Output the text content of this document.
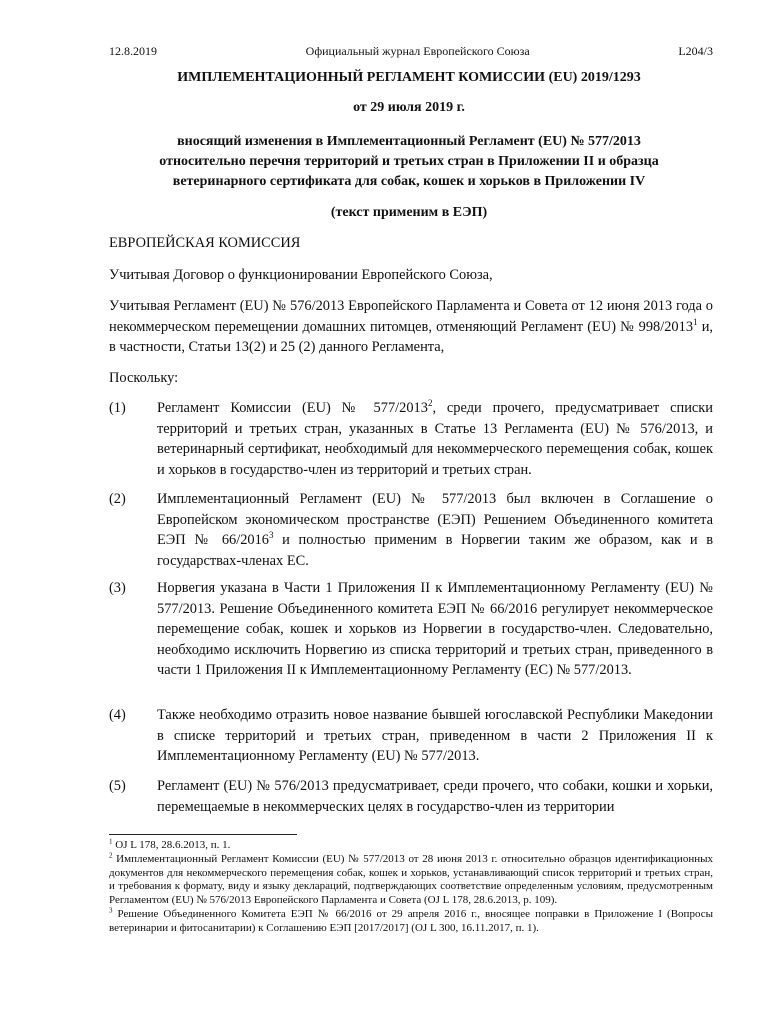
12.8.2019	Официальный журнал Европейского Союза	L204/3
ИМПЛЕМЕНТАЦИОННЫЙ РЕГЛАМЕНТ КОМИССИИ (EU) 2019/1293
от 29 июля 2019 г.
вносящий изменения в Имплементационный Регламент (EU) № 577/2013
относительно перечня территорий и третьих стран в Приложении II и образца
ветеринарного сертификата для собак, кошек и хорьков в Приложении IV
(текст применим в ЕЭП)

ЕВРОПЕЙСКАЯ КОМИССИЯ

Учитывая Договор о функционировании Европейского Союза,

Учитывая Регламент (EU) № 576/2013 Европейского Парламента и Совета от 12 июня 2013 года о некоммерческом перемещении домашних питомцев, отменяющий Регламент (EU) № 998/2013$^1$ и, в частности, Статьи 13(2) и 25 (2) данного Регламента,

Поскольку:

(1) Регламент Комиссии (EU) № 577/2013$^2$, среди прочего, предусматривает списки территорий и третьих стран, указанных в Статье 13 Регламента (EU) № 576/2013, и ветеринарный сертификат, необходимый для некоммерческого перемещения собак, кошек и хорьков в государство-член из территорий и третьих стран.
(2) Имплементационный Регламент (EU) № 577/2013 был включен в Соглашение о Европейском экономическом пространстве (ЕЭП) Решением Объединенного комитета ЕЭП № 66/2016$^3$ и полностью применим в Норвегии таким же образом, как и в государствах-членах ЕС.
(3) Норвегия указана в Части 1 Приложения II к Имплементационному Регламенту (EU) № 577/2013. Решение Объединенного комитета ЕЭП № 66/2016 регулирует некоммерческое перемещение собак, кошек и хорьков из Норвегии в государство-член. Следовательно, необходимо исключить Норвегию из списка территорий и третьих стран, приведенного в части 1 Приложения II к Имплементационному Регламенту (ЕС) № 577/2013.
(4) Также необходимо отразить новое название бывшей югославской Республики Македонии в списке территорий и третьих стран, приведенном в части 2 Приложения II к Имплементационному Регламенту (EU) № 577/2013.
(5) Регламент (EU) № 576/2013 предусматривает, среди прочего, что собаки, кошки и хорьки, перемещаемые в некоммерческих целях в государство-член из территории

$^1$ OJ L 178, 28.6.2013, п. 1.

$^2$ Имплементационный Регламент Комиссии (EU) № 577/2013 от 28 июня 2013 г. относительно образцов идентификационных документов для некоммерческого перемещения собак, кошек и хорьков, устанавливающий список территорий и третьих стран, и требования к формату, виду и языку деклараций, подтверждающих соответствие определенным условиям, предусмотренным Регламентом (EU) № 576/2013 Европейского Парламента и Совета (OJ L 178, 28.6.2013, p. 109).

$^3$ Решение Объединенного Комитета ЕЭП № 66/2016 от 29 апреля 2016 г., вносящее поправки в Приложение I (Вопросы ветеринарии и фитосанитарии) к Соглашению ЕЭП [2017/2017] (OJ L 300, 16.11.2017, п. 1).
